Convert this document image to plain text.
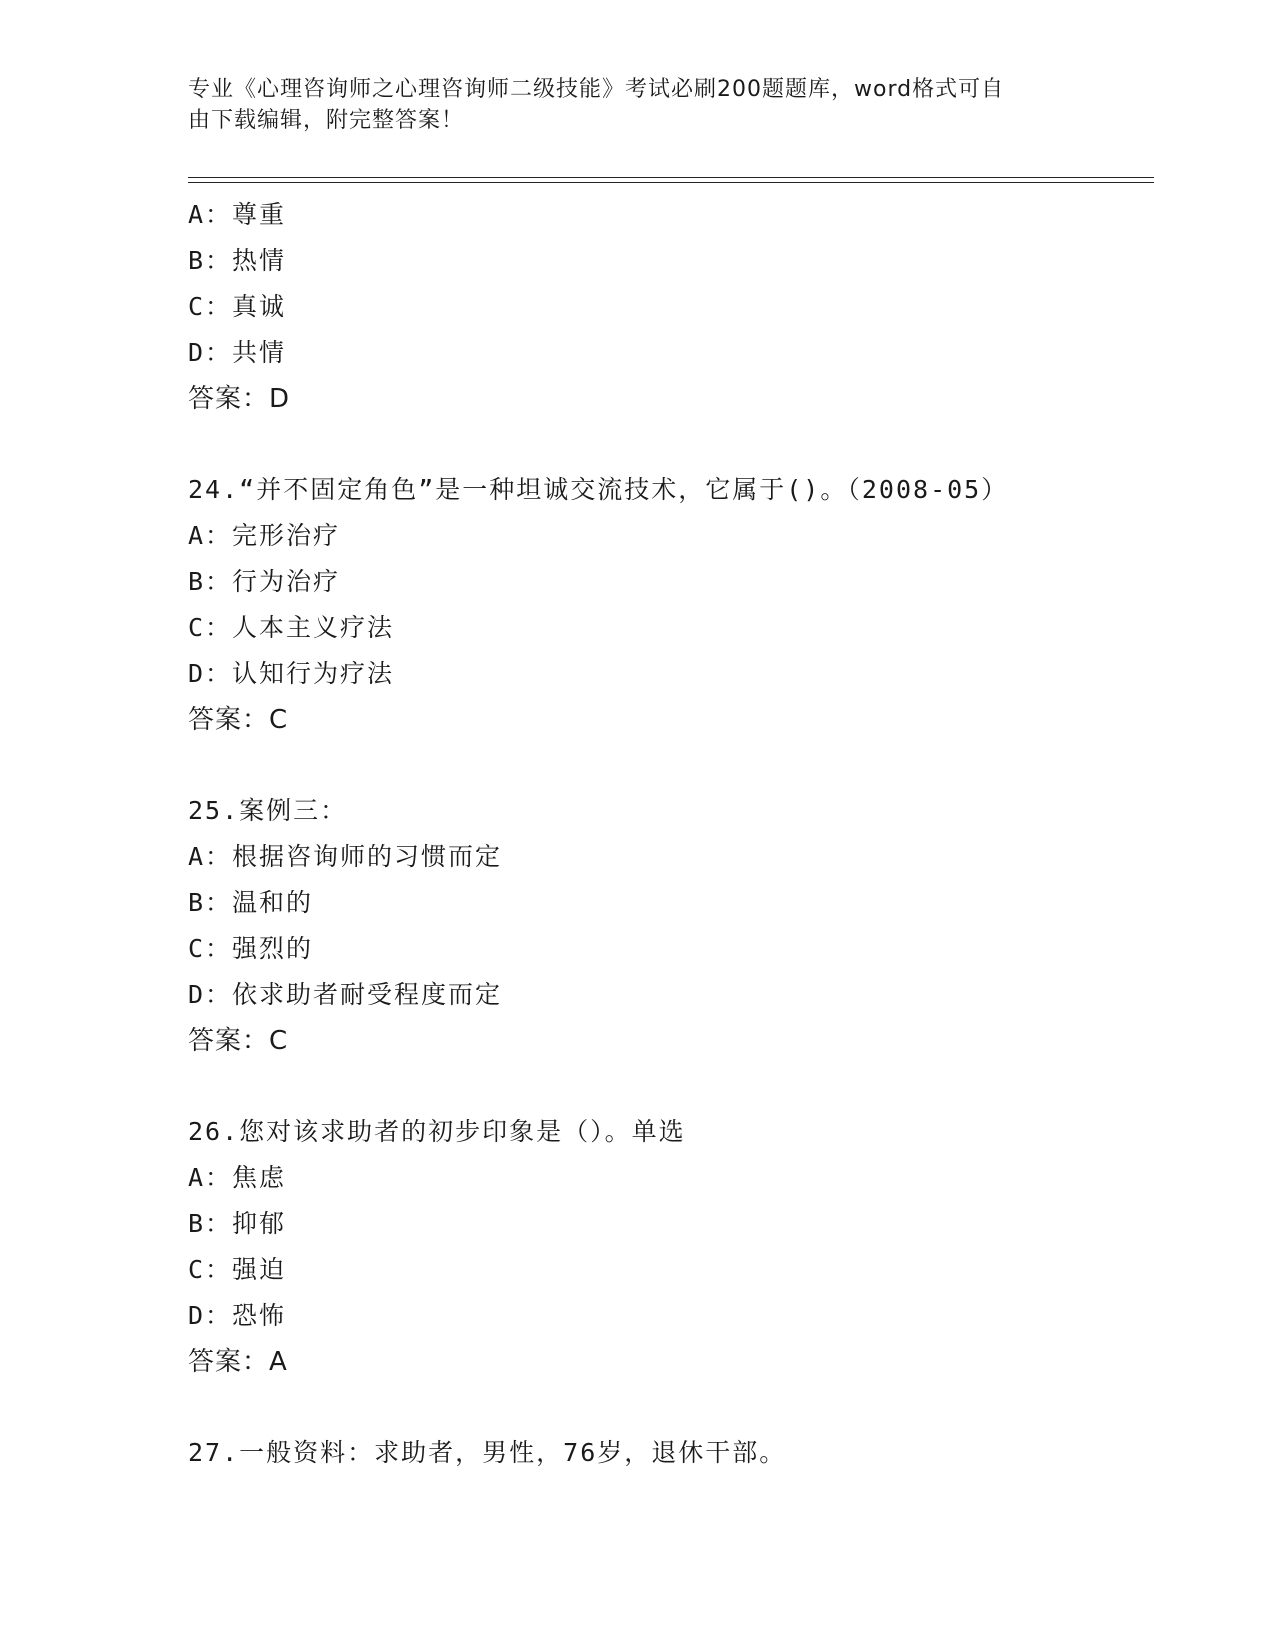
专业《心理咨询师之心理咨询师二级技能》考试必刷200题题库，word格式可自
由下载编辑，附完整答案！
A：尊重
B：热情
C：真诚
D：共情
答案：D
24.“并不固定角色”是一种坦诚交流技术，它属于()。（2008-05）
A：完形治疗
B：行为治疗
C：人本主义疗法
D：认知行为疗法
答案：C
25.案例三：
A：根据咨询师的习惯而定
B：温和的
C：强烈的
D：依求助者耐受程度而定
答案：C
26.您对该求助者的初步印象是（）。单选
A：焦虑
B：抑郁
C：强迫
D：恐怖
答案：A
27.一般资料：求助者，男性，76岁，退休干部。
